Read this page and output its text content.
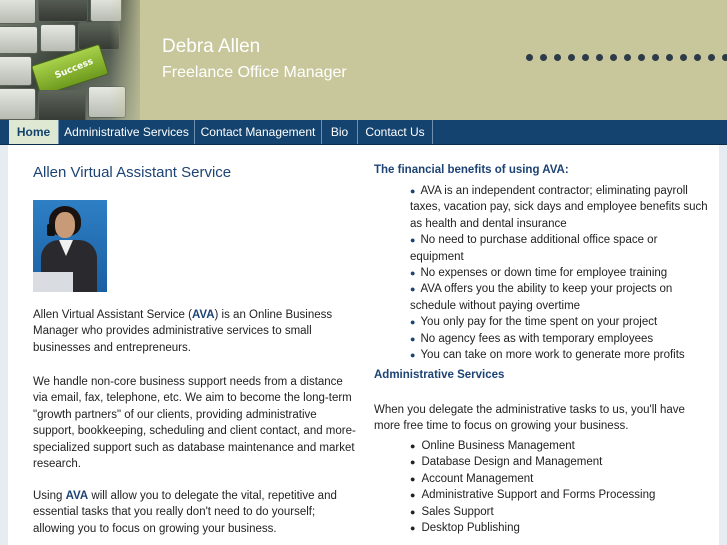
Success
Debra Allen
Freelance Office Manager
Home	Administrative Services Contact Management	Bio	Contact Us
Allen Virtual Assistant Service
Allen Virtual Assistant Service (AVA) is an Online Business Manager who provides administrative services to small businesses and entrepreneurs.
We handle non-core business support needs from a distance via email, fax, telephone, etc. We aim to become the long-term "growth partners" of our clients, providing administrative support, bookkeeping, scheduling and client contact, and more-specialized support such as database maintenance and market research.
Using AVA will allow you to delegate the vital, repetitive and essential tasks that you really don't need to do yourself; allowing you to focus on growing your business.
The financial benefits of using AVA:
● AVA is an independent contractor; eliminating payroll taxes, vacation pay, sick days and employee benefits such as health and dental insurance
● No need to purchase additional office space or equipment
● No expenses or down time for employee training
● AVA offers you the ability to keep your projects on schedule without paying overtime
● You only pay for the time spent on your project
● No agency fees as with temporary employees
● You can take on more work to generate more profits
Administrative Services
When you delegate the administrative tasks to us, you'll have more free time to focus on growing your business.
● Online Business Management
● Database Design and Management
● Account Management
● Administrative Support and Forms Processing
● Sales Support
● Desktop Publishing
